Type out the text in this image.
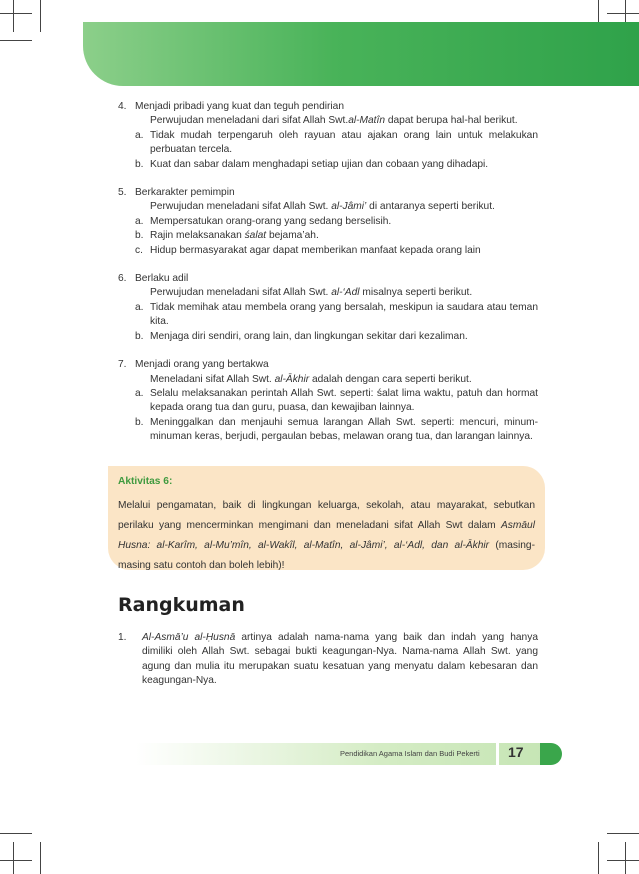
4. Menjadi pribadi yang kuat dan teguh pendirian
Perwujudan meneladani dari sifat Allah Swt.al-Matîn dapat berupa hal-hal berikut.
a. Tidak mudah terpengaruh oleh rayuan atau ajakan orang lain untuk melakukan perbuatan tercela.
b. Kuat dan sabar dalam menghadapi setiap ujian dan cobaan yang dihadapi.
5. Berkarakter pemimpin
Perwujudan meneladani sifat Allah Swt. al-Jâmi’ di antaranya seperti berikut.
a. Mempersatukan orang-orang yang sedang berselisih.
b. Rajin melaksanakan śalat bejama’ah.
c. Hidup bermasyarakat agar dapat memberikan manfaat kepada orang lain
6. Berlaku adil
Perwujudan meneladani sifat Allah Swt. al-‘Adl misalnya seperti berikut.
a. Tidak memihak atau membela orang yang bersalah, meskipun ia saudara atau teman kita.
b. Menjaga diri sendiri, orang lain, dan lingkungan sekitar dari kezaliman.
7. Menjadi orang yang bertakwa
Meneladani sifat Allah Swt. al-Ākhir adalah dengan cara seperti berikut.
a. Selalu melaksanakan perintah Allah Swt. seperti: śalat lima waktu, patuh dan hormat kepada orang tua dan guru, puasa, dan kewajiban lainnya.
b. Meninggalkan dan menjauhi semua larangan Allah Swt. seperti: mencuri, minum-minuman keras, berjudi, pergaulan bebas, melawan orang tua, dan larangan lainnya.
Aktivitas 6:
Melalui pengamatan, baik di lingkungan keluarga, sekolah, atau mayarakat, sebutkan perilaku yang mencerminkan mengimani dan meneladani sifat Allah Swt dalam Asmāul Husna: al-Karîm, al-Mu’mîn, al-Wakîl, al-Matîn, al-Jâmi’, al-‘Adl, dan al-Ākhir (masing-masing satu contoh dan boleh lebih)!
Rangkuman
1.	Al-Asmā’u al-Ḥusnā artinya adalah nama-nama yang baik dan indah yang hanya dimiliki oleh Allah Swt. sebagai bukti keagungan-Nya. Nama-nama Allah Swt. yang agung dan mulia itu merupakan suatu kesatuan yang menyatu dalam kebesaran dan keagungan-Nya.
Pendidikan Agama Islam dan Budi Pekerti 17
